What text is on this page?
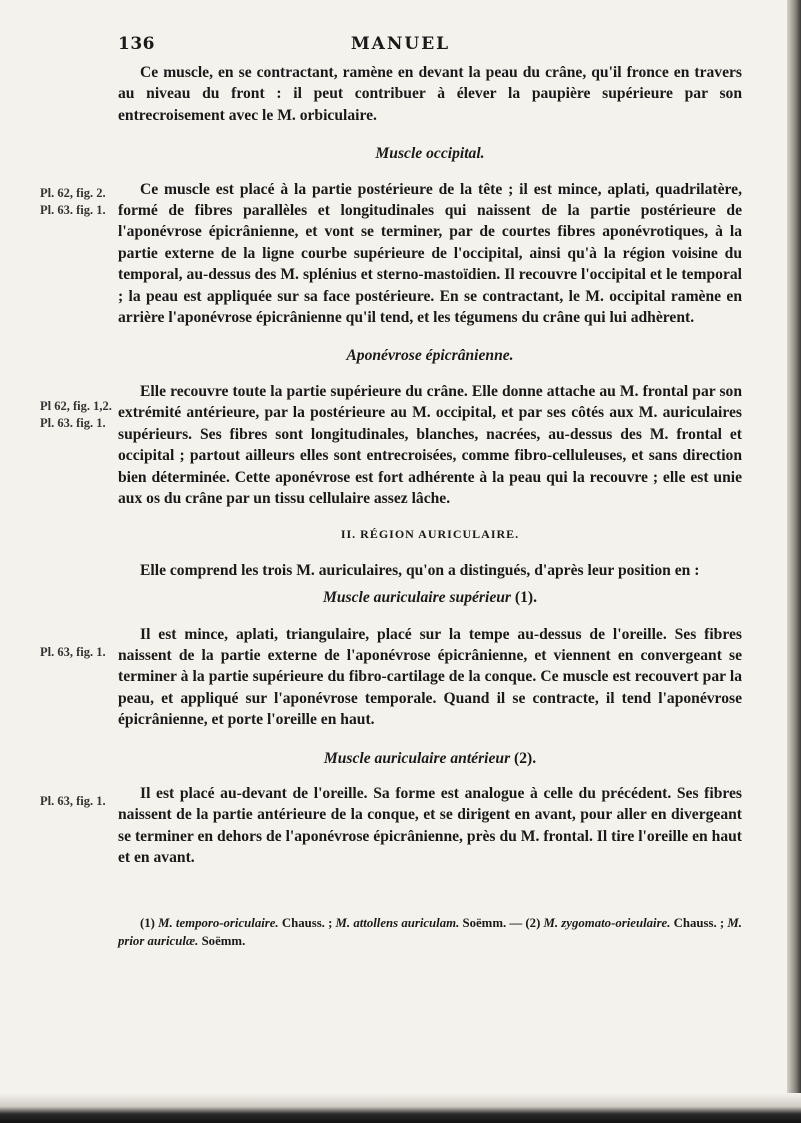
136	MANUEL
Pl. 62, fig. 2.
Pl. 63. fig. 1.
Pl 62, fig. 1,2.
Pl. 63. fig. 1.
Pl. 63, fig. 1.
Pl. 63, fig. 1.

Ce muscle, en se contractant, ramène en devant la peau du crâne, qu'il fronce en travers au niveau du front : il peut contribuer à élever la paupière supérieure par son entrecroisement avec le M. orbiculaire.

Muscle occipital.

Ce muscle est placé à la partie postérieure de la tête ; il est mince, aplati, quadrilatère, formé de fibres parallèles et longitudinales qui naissent de la partie postérieure de l'aponévrose épicrânienne, et vont se terminer, par de courtes fibres aponévrotiques, à la partie externe de la ligne courbe supérieure de l'occipital, ainsi qu'à la région voisine du temporal, au-dessus des M. splénius et sterno-mastoïdien. Il recouvre l'occipital et le temporal ; la peau est appliquée sur sa face postérieure. En se contractant, le M. occipital ramène en arrière l'aponévrose épicrânienne qu'il tend, et les tégumens du crâne qui lui adhèrent.

Aponévrose épicrânienne.

Elle recouvre toute la partie supérieure du crâne. Elle donne attache au M. frontal par son extrémité antérieure, par la postérieure au M. occipital, et par ses côtés aux M. auriculaires supérieurs. Ses fibres sont longitudinales, blanches, nacrées, au-dessus des M. frontal et occipital ; partout ailleurs elles sont entrecroisées, comme fibro-celluleuses, et sans direction bien déterminée. Cette aponévrose est fort adhérente à la peau qui la recouvre ; elle est unie aux os du crâne par un tissu cellulaire assez lâche.

II. RÉGION AURICULAIRE.

Elle comprend les trois M. auriculaires, qu'on a distingués, d'après leur position en :

Muscle auriculaire supérieur (1).

Il est mince, aplati, triangulaire, placé sur la tempe au-dessus de l'oreille. Ses fibres naissent de la partie externe de l'aponévrose épicrânienne, et viennent en convergeant se terminer à la partie supérieure du fibro-cartilage de la conque. Ce muscle est recouvert par la peau, et appliqué sur l'aponévrose temporale. Quand il se contracte, il tend l'aponévrose épicrânienne, et porte l'oreille en haut.

Muscle auriculaire antérieur (2).

Il est placé au-devant de l'oreille. Sa forme est analogue à celle du précédent. Ses fibres naissent de la partie antérieure de la conque, et se dirigent en avant, pour aller en divergeant se terminer en dehors de l'aponévrose épicrânienne, près du M. frontal. Il tire l'oreille en haut et en avant.

(1) M. temporo-oriculaire. Chauss. ; M. attollens auriculam. Soëmm. — (2) M. zygomato-orieulaire. Chauss. ; M. prior auriculæ. Soëmm.
